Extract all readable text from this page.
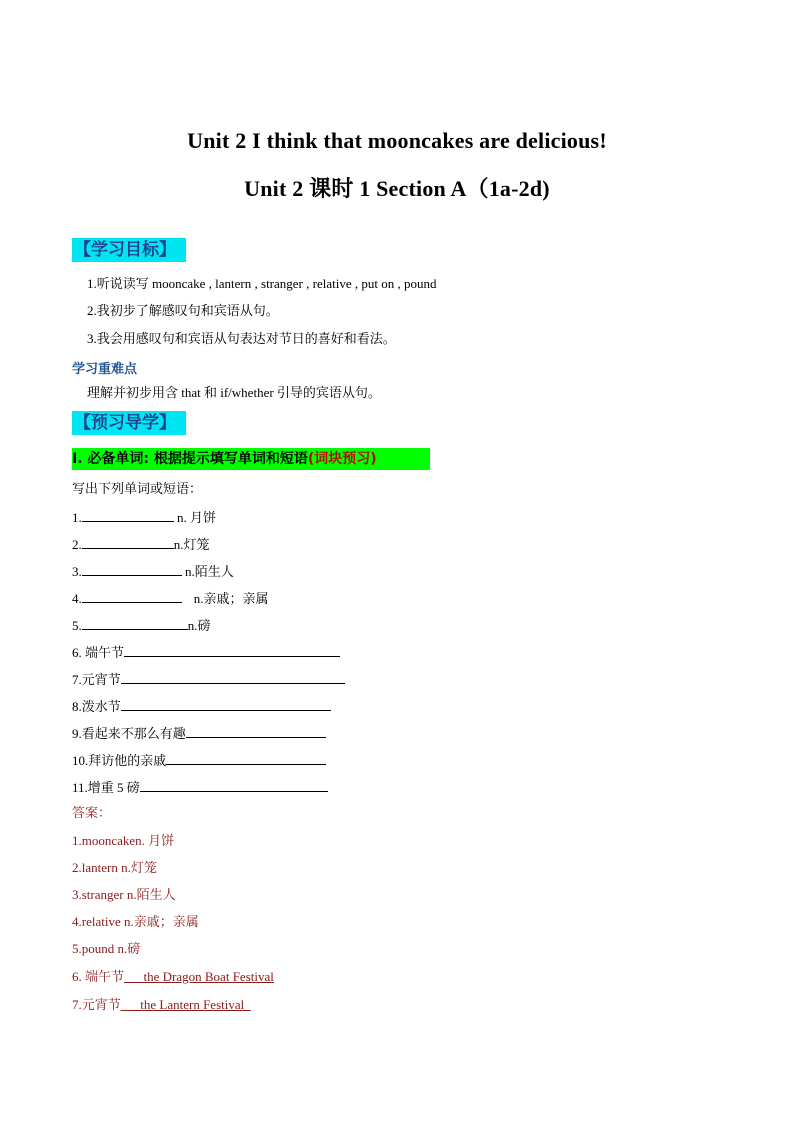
Unit 2 I think that mooncakes are delicious!
Unit 2 课时 1 Section A（1a-2d)
【学习目标】
1.听说读写 mooncake , lantern , stranger , relative , put on , pound
2.我初步了解感叹句和宾语从句。
3.我会用感叹句和宾语从句表达对节日的喜好和看法。
学习重难点
理解并初步用含 that 和 if/whether 引导的宾语从句。
【预习导学】
Ⅰ. 必备单词: 根据提示填写单词和短语(词块预习)
写出下列单词或短语：
1.	n. 月饼
2.	n.灯笼
3.	n.陌生人
4.	n.亲戚；亲属
5.	n.磅
6. 端午节
7.元宵节
8.泼水节
9.看起来不那么有趣
10.拜访他的亲戚
11.增重 5 磅
答案：
1.mooncaken. 月饼
2.lantern n.灯笼
3.stranger n.陌生人
4.relative n.亲戚；亲属
5.pound n.磅
6. 端午节___the Dragon Boat Festival
7.元宵节___the Lantern Festival_
